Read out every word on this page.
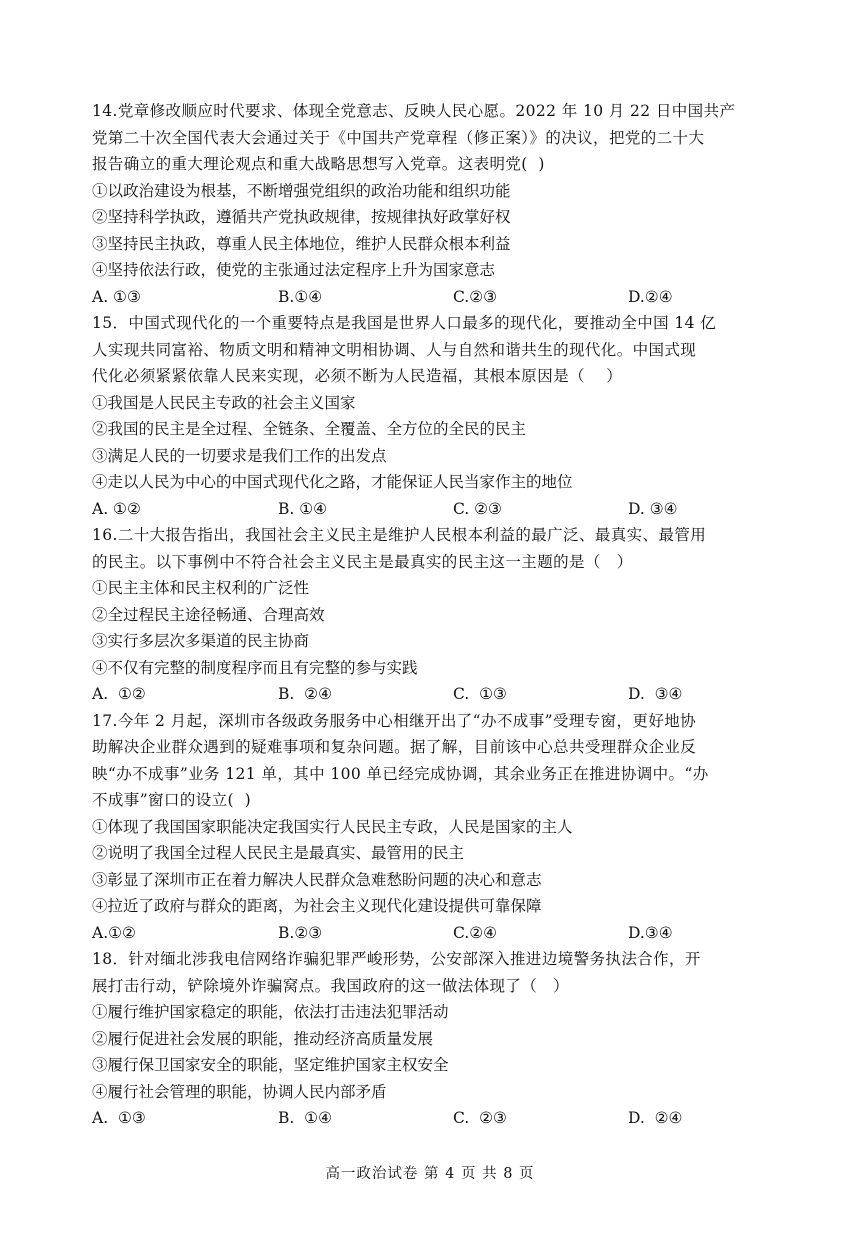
14.党章修改顺应时代要求、体现全党意志、反映人民心愿。2022 年 10 月 22 日中国共产
党第二十次全国代表大会通过关于《中国共产党章程（修正案）》的决议，把党的二十大
报告确立的重大理论观点和重大战略思想写入党章。这表明党(  )
①以政治建设为根基，不断增强党组织的政治功能和组织功能
②坚持科学执政，遵循共产党执政规律，按规律执好政掌好权
③坚持民主执政，尊重人民主体地位，维护人民群众根本利益
④坚持依法行政，使党的主张通过法定程序上升为国家意志
A. ①③	B.①④	C.②③	D.②④
15．中国式现代化的一个重要特点是我国是世界人口最多的现代化，要推动全中国 14 亿
人实现共同富裕、物质文明和精神文明相协调、人与自然和谐共生的现代化。中国式现
代化必须紧紧依靠人民来实现，必须不断为人民造福，其根本原因是（    ）
①我国是人民民主专政的社会主义国家
②我国的民主是全过程、全链条、全覆盖、全方位的全民的民主
③满足人民的一切要求是我们工作的出发点
④走以人民为中心的中国式现代化之路，才能保证人民当家作主的地位
A. ①②	B. ①④	C. ②③	D. ③④
16.二十大报告指出，我国社会主义民主是维护人民根本利益的最广泛、最真实、最管用
的民主。以下事例中不符合社会主义民主是最真实的民主这一主题的是（   ）
①民主主体和民主权利的广泛性
②全过程民主途径畅通、合理高效
③实行多层次多渠道的民主协商
④不仅有完整的制度程序而且有完整的参与实践
A.  ①②	B.  ②④	C.  ①③	D.  ③④
17.今年 2 月起，深圳市各级政务服务中心相继开出了“办不成事”受理专窗，更好地协
助解决企业群众遇到的疑难事项和复杂问题。据了解，目前该中心总共受理群众企业反
映“办不成事”业务 121 单，其中 100 单已经完成协调，其余业务正在推进协调中。“办
不成事”窗口的设立(  )
①体现了我国国家职能决定我国实行人民民主专政，人民是国家的主人
②说明了我国全过程人民民主是最真实、最管用的民主
③彰显了深圳市正在着力解决人民群众急难愁盼问题的决心和意志
④拉近了政府与群众的距离，为社会主义现代化建设提供可靠保障
A.①②	B.②③	C.②④	D.③④
18．针对缅北涉我电信网络诈骗犯罪严峻形势，公安部深入推进边境警务执法合作，开
展打击行动，铲除境外诈骗窝点。我国政府的这一做法体现了（   ）
①履行维护国家稳定的职能，依法打击违法犯罪活动
②履行促进社会发展的职能，推动经济高质量发展
③履行保卫国家安全的职能，坚定维护国家主权安全
④履行社会管理的职能，协调人民内部矛盾
A.  ①③	B.  ①④	C.  ②③	D.  ②④
高一政治试卷 第 4 页 共 8 页
